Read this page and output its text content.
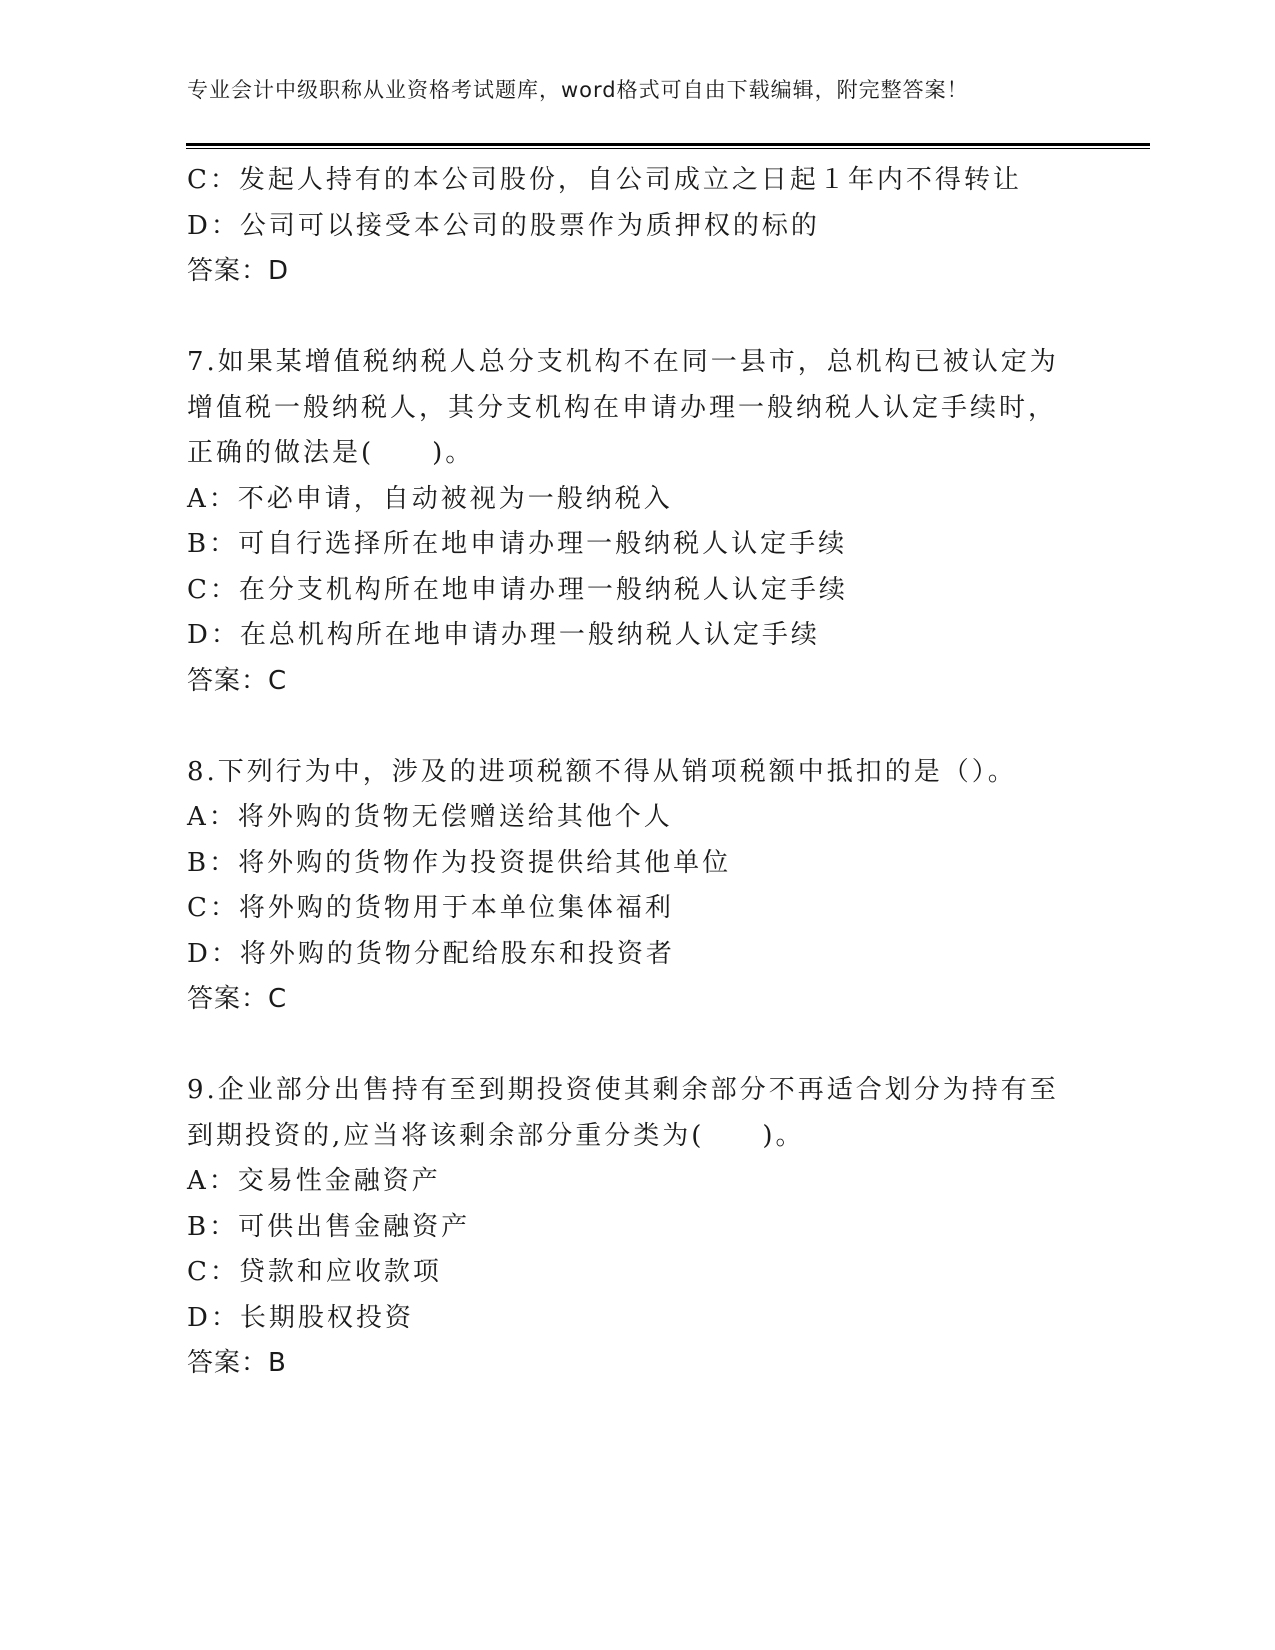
专业会计中级职称从业资格考试题库，word格式可自由下载编辑，附完整答案！
C：发起人持有的本公司股份，自公司成立之日起１年内不得转让
D：公司可以接受本公司的股票作为质押权的标的
答案：D
7.如果某增值税纳税人总分支机构不在同一县市，总机构已被认定为
增值税一般纳税人，其分支机构在申请办理一般纳税人认定手续时，
正确的做法是(　　)。
A：不必申请，自动被视为一般纳税入
B：可自行选择所在地申请办理一般纳税人认定手续
C：在分支机构所在地申请办理一般纳税人认定手续
D：在总机构所在地申请办理一般纳税人认定手续
答案：C
8.下列行为中，涉及的进项税额不得从销项税额中抵扣的是（）。
A：将外购的货物无偿赠送给其他个人
B：将外购的货物作为投资提供给其他单位
C：将外购的货物用于本单位集体福利
D：将外购的货物分配给股东和投资者
答案：C
9.企业部分出售持有至到期投资使其剩余部分不再适合划分为持有至
到期投资的,应当将该剩余部分重分类为(　　)。
A：交易性金融资产
B：可供出售金融资产
C：贷款和应收款项
D：长期股权投资
答案：B
